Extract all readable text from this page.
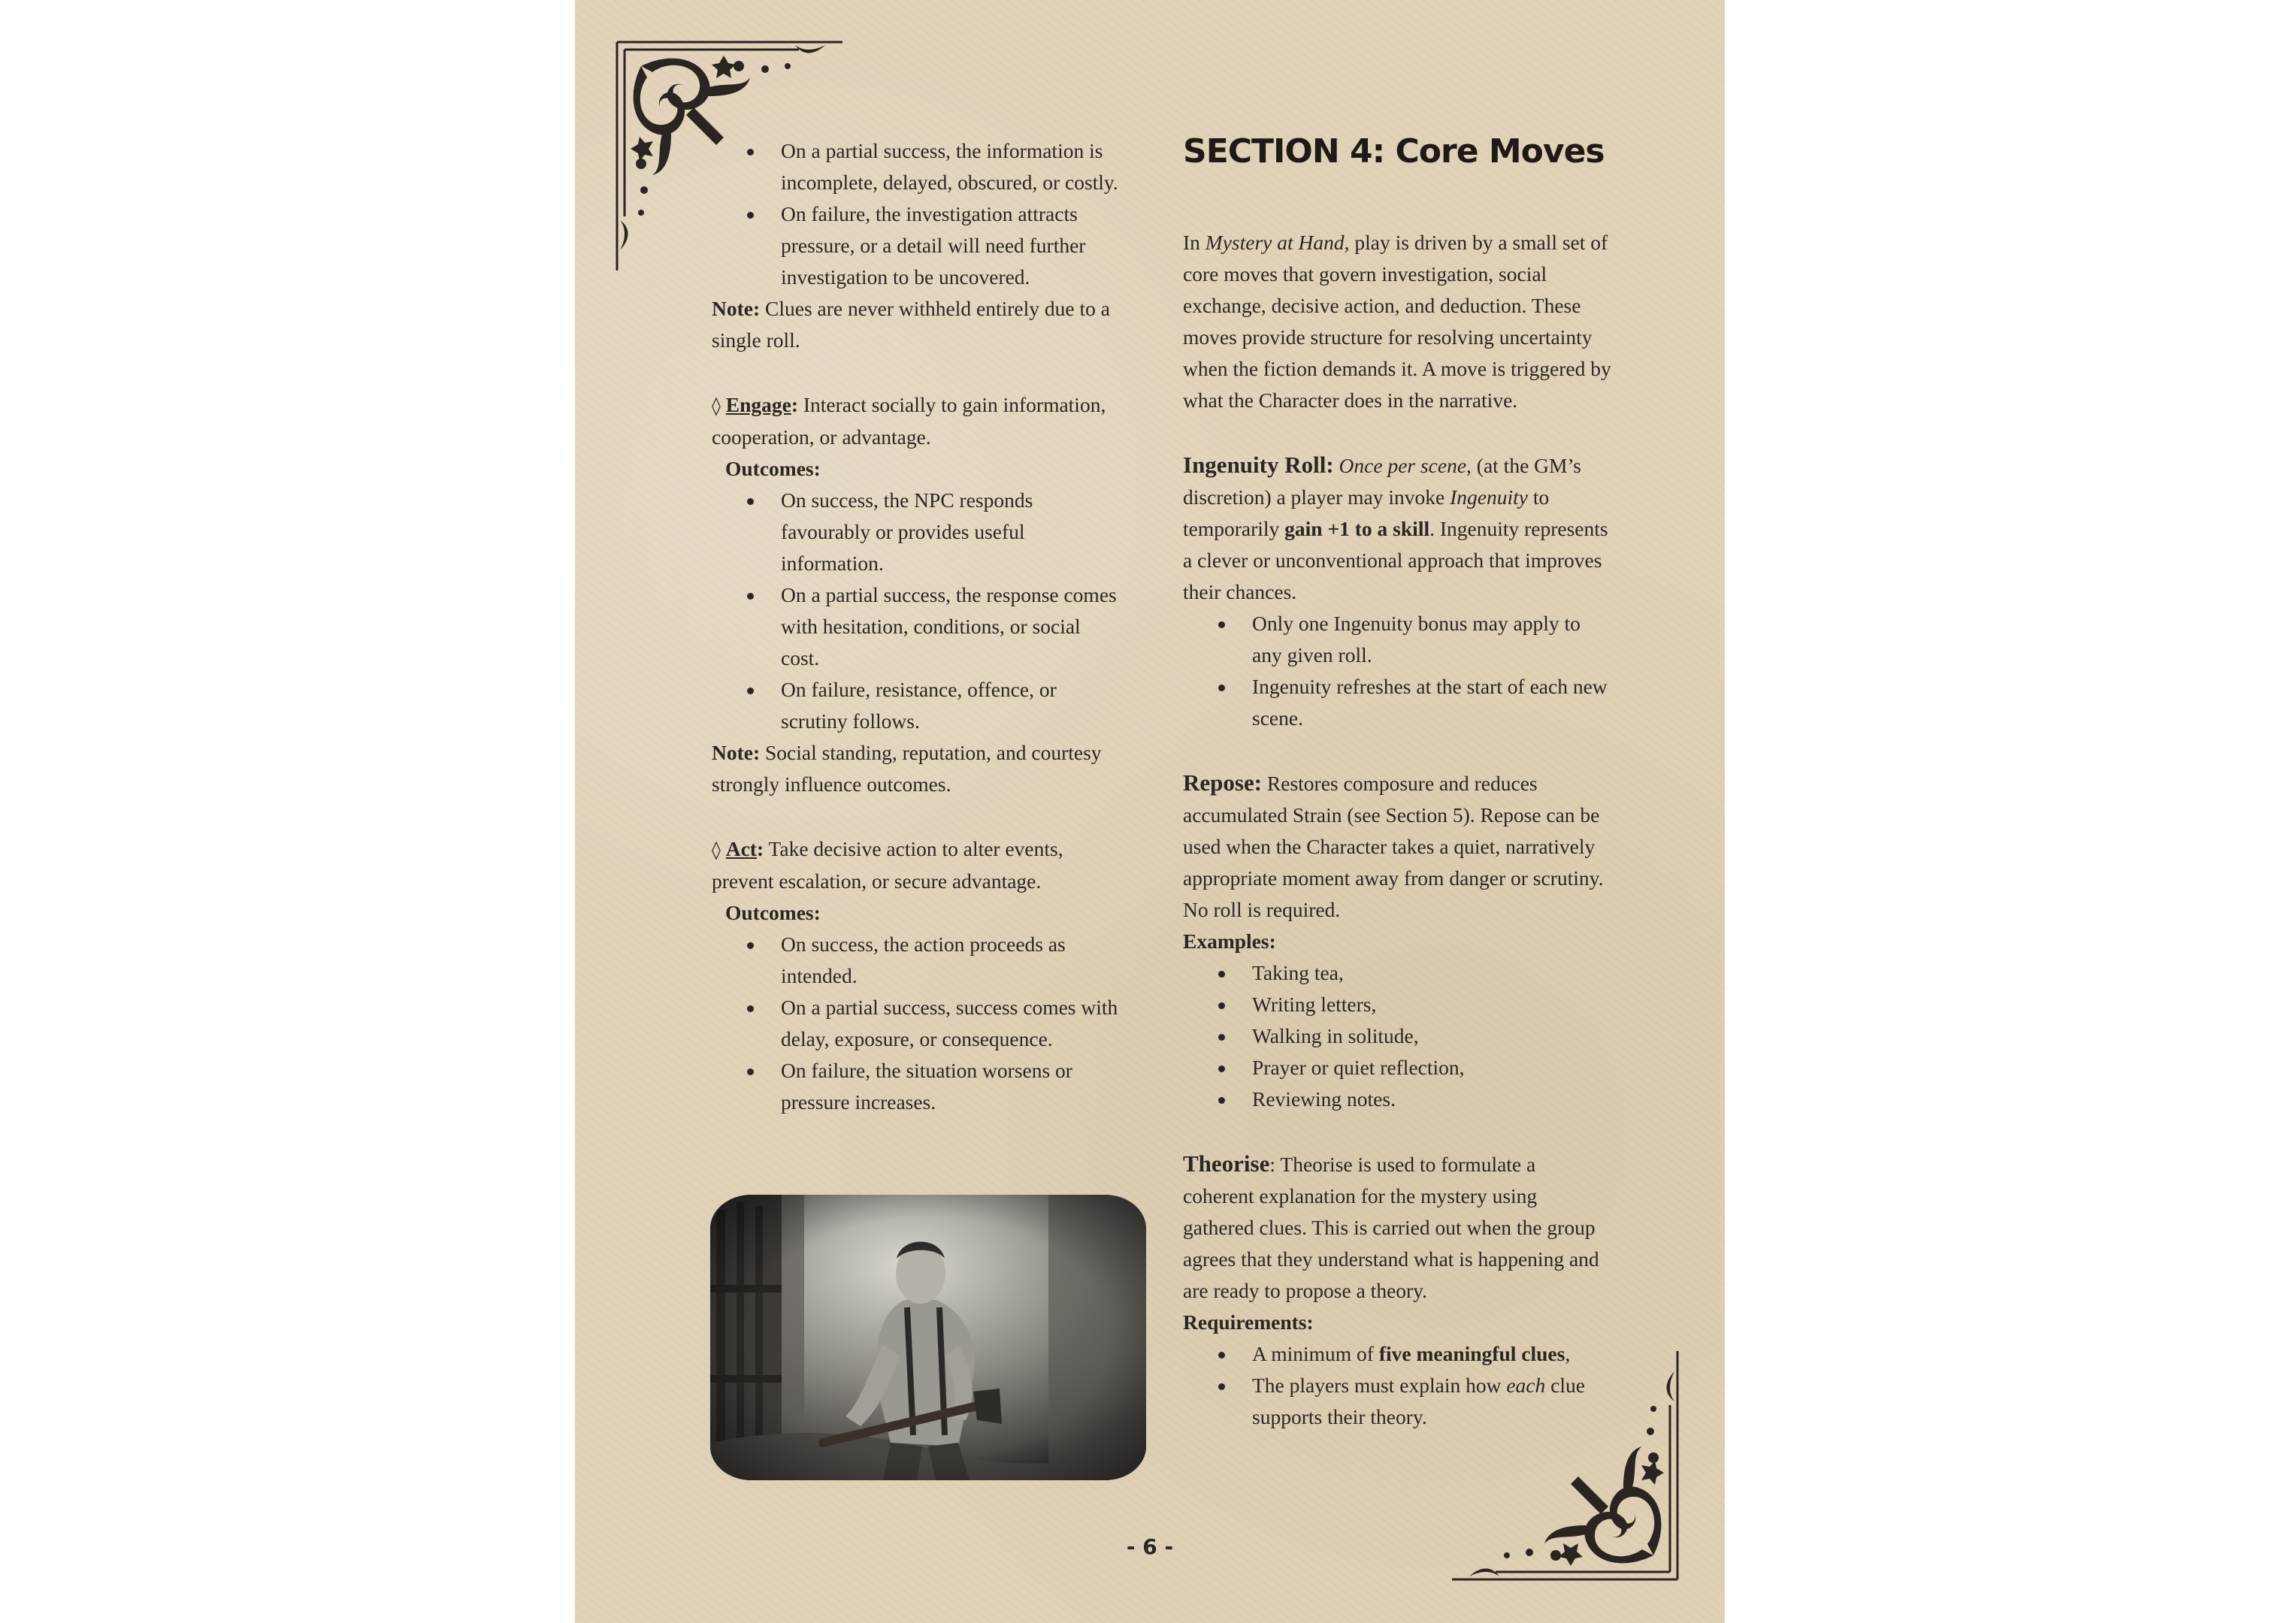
On a partial success, the information is incomplete, delayed, obscured, or costly.
On failure, the investigation attracts pressure, or a detail will need further investigation to be uncovered.

Note: Clues are never withheld entirely due to a single roll.

◊ Engage: Interact socially to gain information, cooperation, or advantage.

Outcomes:

On success, the NPC responds favourably or provides useful information.
On a partial success, the response comes with hesitation, conditions, or social cost.
On failure, resistance, offence, or scrutiny follows.

Note: Social standing, reputation, and courtesy strongly influence outcomes.

◊ Act: Take decisive action to alter events, prevent escalation, or secure advantage.

Outcomes:

On success, the action proceeds as intended.
On a partial success, success comes with delay, exposure, or consequence.
On failure, the situation worsens or pressure increases.
SECTION 4: Core Moves

In Mystery at Hand, play is driven by a small set of core moves that govern investigation, social exchange, decisive action, and deduction. These moves provide structure for resolving uncertainty when the fiction demands it. A move is triggered by what the Character does in the narrative.

Ingenuity Roll: Once per scene, (at the GM’s discretion) a player may invoke Ingenuity to temporarily gain +1 to a skill. Ingenuity represents a clever or unconventional approach that improves their chances.

Only one Ingenuity bonus may apply to any given roll.
Ingenuity refreshes at the start of each new scene.

Repose: Restores composure and reduces accumulated Strain (see Section 5). Repose can be used when the Character takes a quiet, narratively appropriate moment away from danger or scrutiny. No roll is required.

Examples:

Taking tea,
Writing letters,
Walking in solitude,
Prayer or quiet reflection,
Reviewing notes.

Theorise: Theorise is used to formulate a coherent explanation for the mystery using gathered clues. This is carried out when the group agrees that they understand what is happening and are ready to propose a theory.

Requirements:

A minimum of five meaningful clues,
The players must explain how each clue supports their theory.
- 6 -
